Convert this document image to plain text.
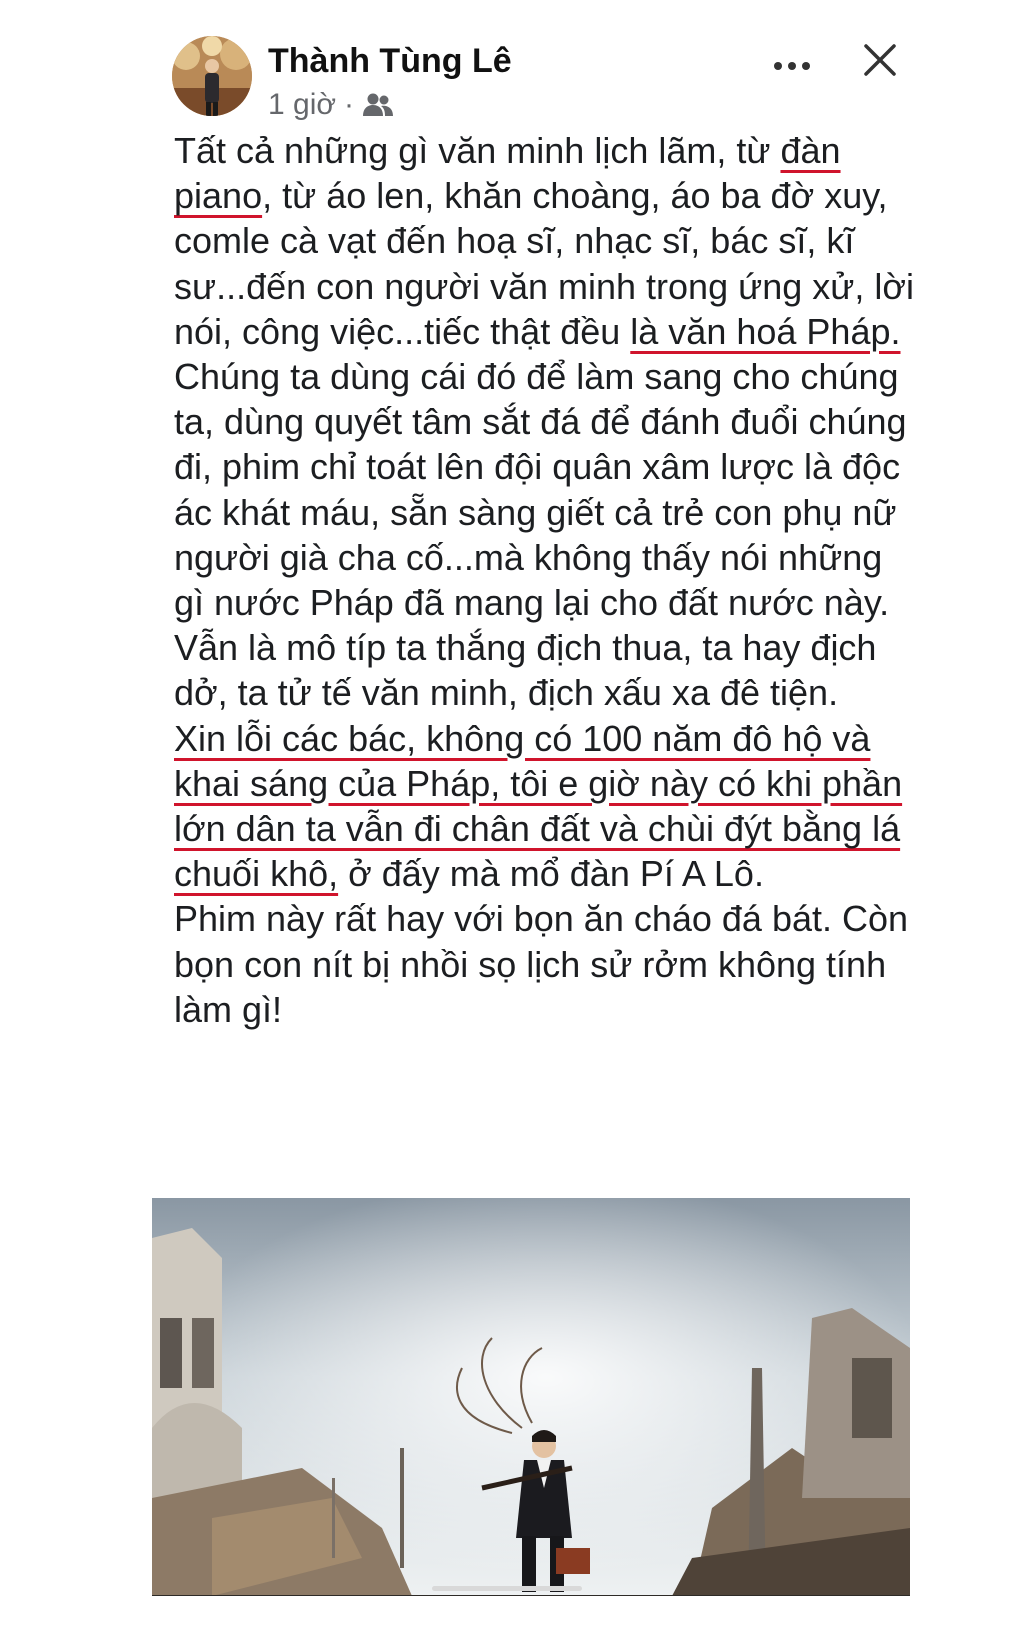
Thành Tùng Lê
1 giờ ·

Tất cả những gì văn minh lịch lãm, từ đàn piano, từ áo len, khăn choàng, áo ba đờ xuy, comle cà vạt đến hoạ sĩ, nhạc sĩ, bác sĩ, kĩ sư...đến con người văn minh trong ứng xử, lời nói, công việc...tiếc thật đều là văn hoá Pháp. Chúng ta dùng cái đó để làm sang cho chúng ta, dùng quyết tâm sắt đá để đánh đuổi chúng đi, phim chỉ toát lên đội quân xâm lược là độc ác khát máu, sẵn sàng giết cả trẻ con phụ nữ người già cha cố...mà không thấy nói những gì nước Pháp đã mang lại cho đất nước này.

Vẫn là mô típ ta thắng địch thua, ta hay địch dở, ta tử tế văn minh, địch xấu xa đê tiện.

Xin lỗi các bác, không có 100 năm đô hộ và khai sáng của Pháp, tôi e giờ này có khi phần lớn dân ta vẫn đi chân đất và chùi đýt bằng lá chuối khô, ở đấy mà mổ đàn Pí A Lô.

Phim này rất hay với bọn ăn cháo đá bát. Còn bọn con nít bị nhồi sọ lịch sử rởm không tính làm gì!
